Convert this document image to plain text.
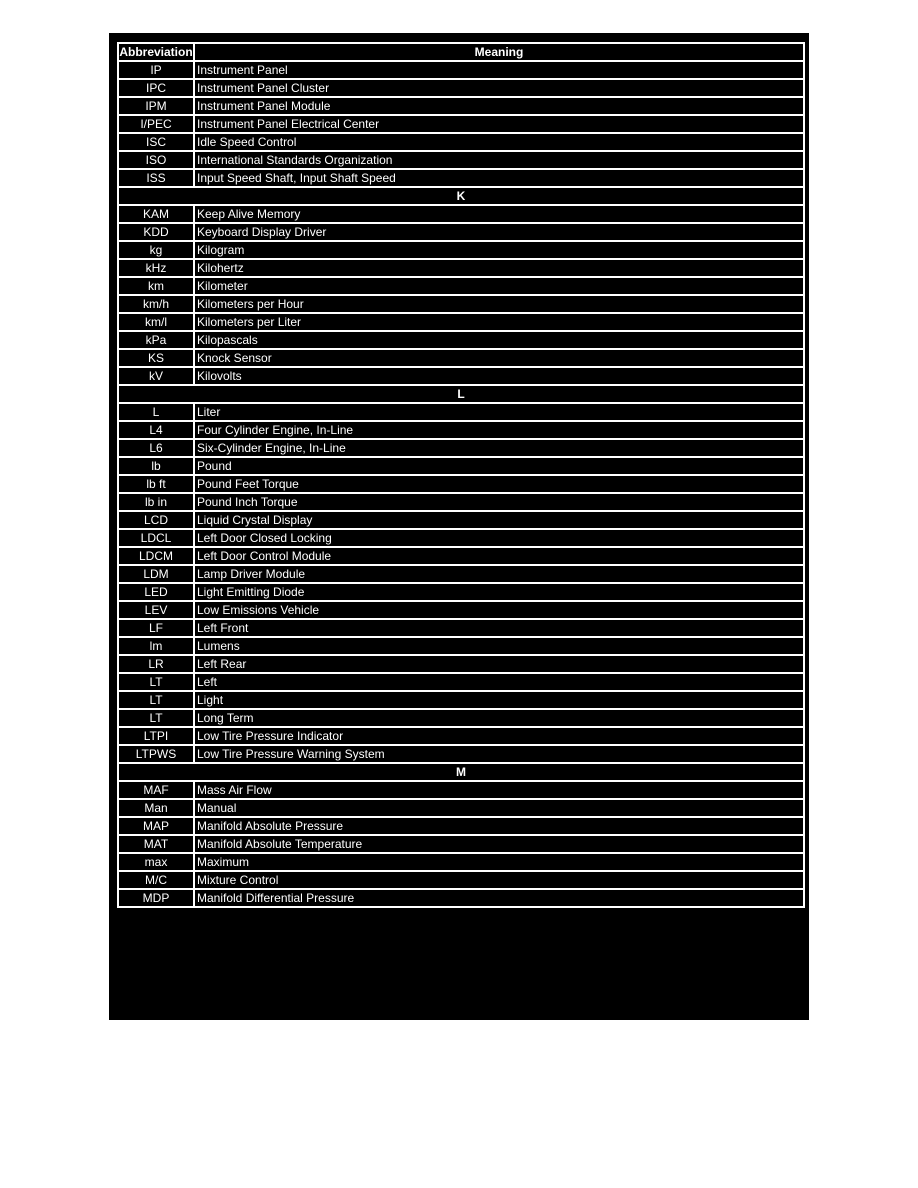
Abbreviation	Meaning
IP	Instrument Panel
IPC	Instrument Panel Cluster
IPM	Instrument Panel Module
I/PEC	Instrument Panel Electrical Center
ISC	Idle Speed Control
ISO	International Standards Organization
ISS	Input Speed Shaft, Input Shaft Speed
K	
KAM	Keep Alive Memory
KDD	Keyboard Display Driver
kg	Kilogram
kHz	Kilohertz
km	Kilometer
km/h	Kilometers per Hour
km/l	Kilometers per Liter
kPa	Kilopascals
KS	Knock Sensor
kV	Kilovolts
L	
L	Liter
L4	Four Cylinder Engine, In-Line
L6	Six-Cylinder Engine, In-Line
lb	Pound
lb ft	Pound Feet Torque
lb in	Pound Inch Torque
LCD	Liquid Crystal Display
LDCL	Left Door Closed Locking
LDCM	Left Door Control Module
LDM	Lamp Driver Module
LED	Light Emitting Diode
LEV	Low Emissions Vehicle
LF	Left Front
lm	Lumens
LR	Left Rear
LT	Left
LT	Light
LT	Long Term
LTPI	Low Tire Pressure Indicator
LTPWS	Low Tire Pressure Warning System
M	
MAF	Mass Air Flow
Man	Manual
MAP	Manifold Absolute Pressure
MAT	Manifold Absolute Temperature
max	Maximum
M/C	Mixture Control
MDP	Manifold Differential Pressure
